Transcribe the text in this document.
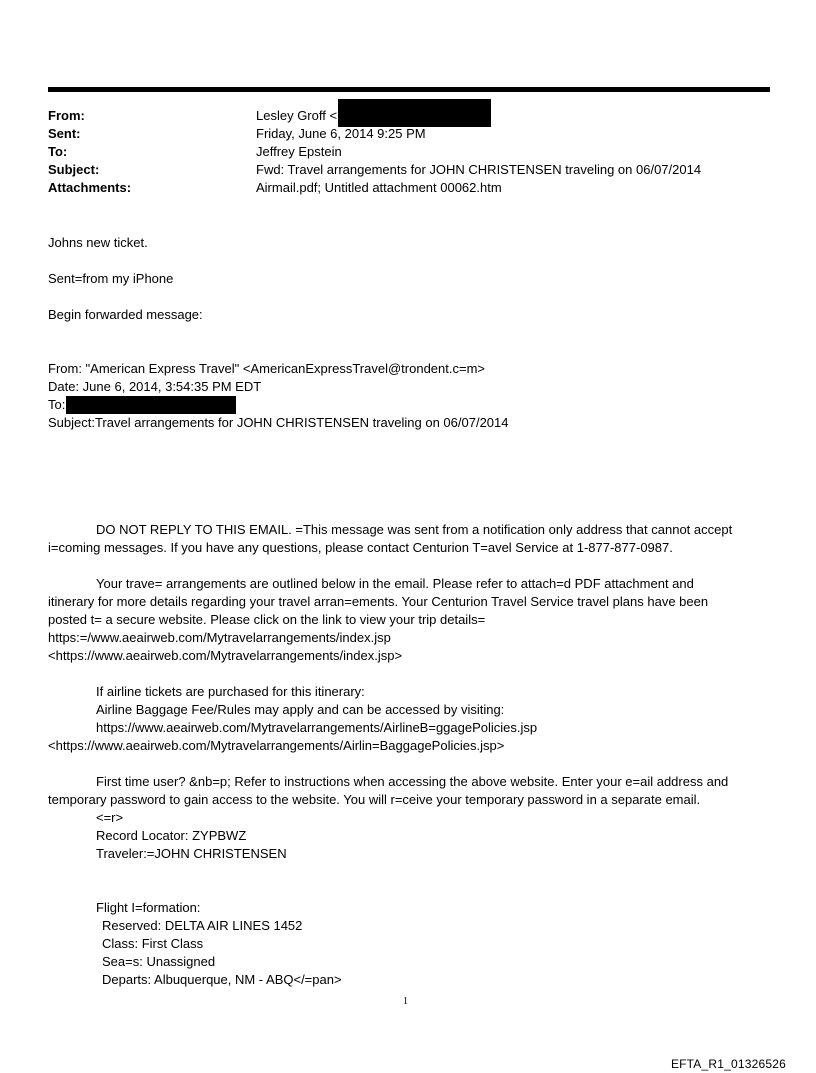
From:
Sent:
To:
Subject:
Attachments:
Lesley Groff <
Friday, June 6, 2014 9:25 PM
Jeffrey Epstein
Fwd: Travel arrangements for JOHN CHRISTENSEN traveling on 06/07/2014
Airmail.pdf; Untitled attachment 00062.htm
Johns new ticket.
Sent=from my iPhone
Begin forwarded message:
From: "American Express Travel" <AmericanExpressTravel@trondent.c=m>
Date: June 6, 2014, 3:54:35 PM EDT
To:
Subject:Travel arrangements for JOHN CHRISTENSEN traveling on 06/07/2014
DO NOT REPLY TO THIS EMAIL. =This message was sent from a notification only address that cannot accept
i=coming messages. If you have any questions, please contact Centurion T=avel Service at 1-877-877-0987.
Your trave= arrangements are outlined below in the email. Please refer to attach=d PDF attachment and
itinerary for more details regarding your travel arran=ements. Your Centurion Travel Service travel plans have been
posted t= a secure website. Please click on the link to view your trip details=
https:=/www.aeairweb.com/Mytravelarrangements/index.jsp
<https://www.aeairweb.com/Mytravelarrangements/index.jsp>
If airline tickets are purchased for this itinerary:
Airline Baggage Fee/Rules may apply and can be accessed by visiting:
https://www.aeairweb.com/Mytravelarrangements/AirlineB=ggagePolicies.jsp
<https://www.aeairweb.com/Mytravelarrangements/Airlin=BaggagePolicies.jsp>
First time user? &nb=p; Refer to instructions when accessing the above website. Enter your e=ail address and
temporary password to gain access to the website. You will r=ceive your temporary password in a separate email.
<=r>
Record Locator: ZYPBWZ
Traveler:=JOHN CHRISTENSEN
Flight I=formation:
Reserved: DELTA AIR LINES 1452
Class: First Class
Sea=s: Unassigned
Departs: Albuquerque, NM - ABQ</=pan>
1
EFTA_R1_01326526
